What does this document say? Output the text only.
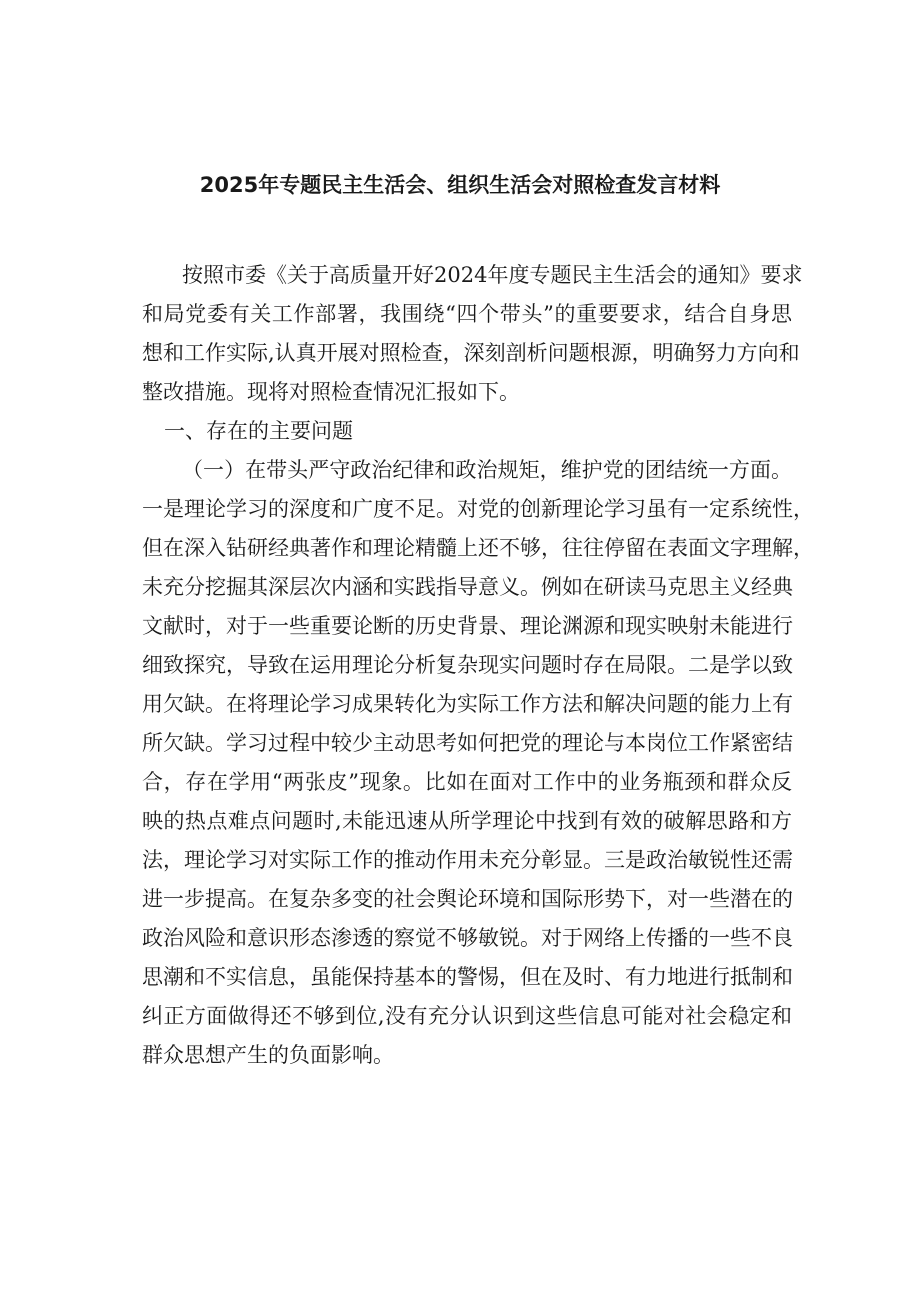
2025年专题民主生活会、组织生活会对照检查发言材料
按照市委《关于高质量开好2024年度专题民主生活会的通知》要求
和局党委有关工作部署，我围绕“四个带头”的重要要求，结合自身思
想和工作实际,认真开展对照检查，深刻剖析问题根源，明确努力方向和
整改措施。现将对照检查情况汇报如下。
一、存在的主要问题
（一）在带头严守政治纪律和政治规矩，维护党的团结统一方面。
一是理论学习的深度和广度不足。对党的创新理论学习虽有一定系统性，
但在深入钻研经典著作和理论精髓上还不够，往往停留在表面文字理解，
未充分挖掘其深层次内涵和实践指导意义。例如在研读马克思主义经典
文献时，对于一些重要论断的历史背景、理论渊源和现实映射未能进行
细致探究，导致在运用理论分析复杂现实问题时存在局限。二是学以致
用欠缺。在将理论学习成果转化为实际工作方法和解决问题的能力上有
所欠缺。学习过程中较少主动思考如何把党的理论与本岗位工作紧密结
合，存在学用“两张皮”现象。比如在面对工作中的业务瓶颈和群众反
映的热点难点问题时,未能迅速从所学理论中找到有效的破解思路和方
法，理论学习对实际工作的推动作用未充分彰显。三是政治敏锐性还需
进一步提高。在复杂多变的社会舆论环境和国际形势下，对一些潜在的
政治风险和意识形态渗透的察觉不够敏锐。对于网络上传播的一些不良
思潮和不实信息，虽能保持基本的警惕，但在及时、有力地进行抵制和
纠正方面做得还不够到位,没有充分认识到这些信息可能对社会稳定和
群众思想产生的负面影响。
